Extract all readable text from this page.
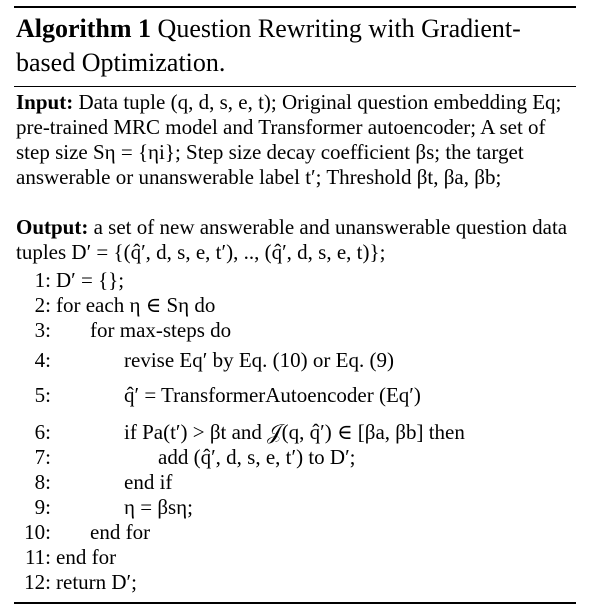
Algorithm 1 Question Rewriting with Gradient-based Optimization.
Input: Data tuple (q, d, s, e, t); Original question embedding Eq; pre-trained MRC model and Transformer autoencoder; A set of step size Sη = {ηi}; Step size decay coefficient βs; the target answerable or unanswerable label t′; Threshold βt, βa, βb;
Output: a set of new answerable and unanswerable question data tuples D′ = {(q̂′, d, s, e, t′), .., (q̂′, d, s, e, t)};
1: D′ = {};
2: for each η ∈ Sη do
3: for max-steps do
4:	revise Eq′ by Eq. (10) or Eq. (9)
5:	q̂′ = TransformerAutoencoder (Eq′)
6:	if Pa(t′) > βt and 𝒥(q, q̂′) ∈ [βa, βb] then
7:	add (q̂′, d, s, e, t′) to D′;
8:	end if
9:	η = βsη;
10: end for
11: end for
12: return D′;
